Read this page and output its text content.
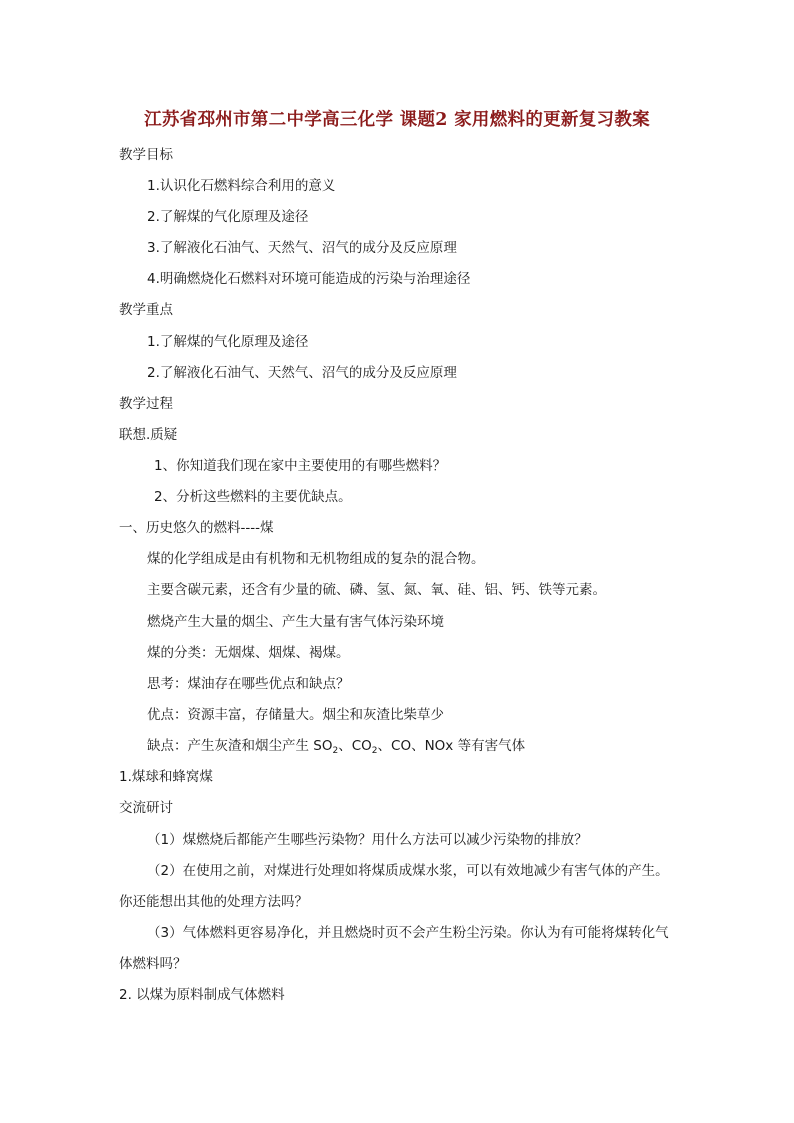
江苏省邳州市第二中学高三化学 课题2 家用燃料的更新复习教案
教学目标
1.认识化石燃料综合利用的意义
2.了解煤的气化原理及途径
3.了解液化石油气、天然气、沼气的成分及反应原理
4.明确燃烧化石燃料对环境可能造成的污染与治理途径
教学重点
1.了解煤的气化原理及途径
2.了解液化石油气、天然气、沼气的成分及反应原理
教学过程
联想.质疑
1、你知道我们现在家中主要使用的有哪些燃料？
2、分析这些燃料的主要优缺点。
一、历史悠久的燃料----煤
煤的化学组成是由有机物和无机物组成的复杂的混合物。
主要含碳元素，还含有少量的硫、磷、氢、氮、氧、硅、铝、钙、铁等元素。
燃烧产生大量的烟尘、产生大量有害气体污染环境
煤的分类：无烟煤、烟煤、褐煤。
思考：煤油存在哪些优点和缺点？
优点：资源丰富，存储量大。烟尘和灰渣比柴草少
缺点：产生灰渣和烟尘产生 $SO_2$、$CO_2$、CO、NOx 等有害气体
1.煤球和蜂窝煤
交流研讨
（1）煤燃烧后都能产生哪些污染物？用什么方法可以减少污染物的排放？
（2）在使用之前，对煤进行处理如将煤质成煤水浆，可以有效地减少有害气体的产生。
你还能想出其他的处理方法吗？
（3）气体燃料更容易净化，并且燃烧时页不会产生粉尘污染。你认为有可能将煤转化气
体燃料吗？
2. 以煤为原料制成气体燃料
